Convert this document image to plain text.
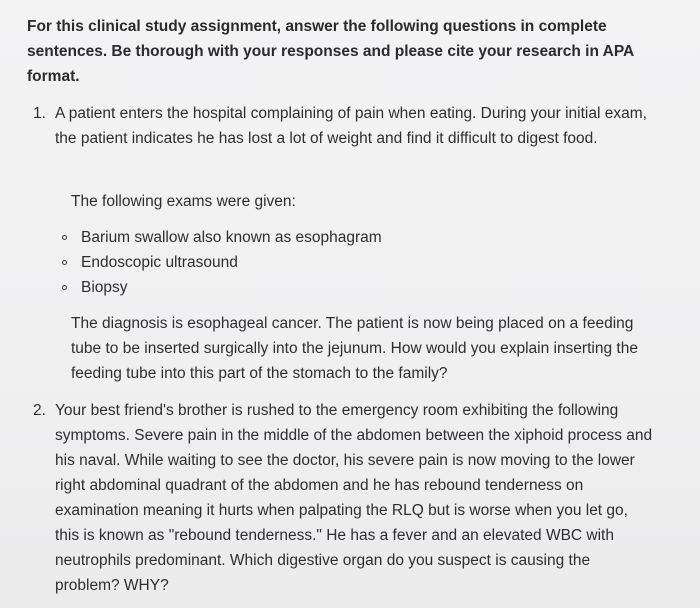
For this clinical study assignment, answer the following questions in complete sentences. Be thorough with your responses and please cite your research in APA format.
1. A patient enters the hospital complaining of pain when eating. During your initial exam, the patient indicates he has lost a lot of weight and find it difficult to digest food.
The following exams were given:
Barium swallow also known as esophagram
Endoscopic ultrasound
Biopsy
The diagnosis is esophageal cancer. The patient is now being placed on a feeding tube to be inserted surgically into the jejunum. How would you explain inserting the feeding tube into this part of the stomach to the family?
2. Your best friend's brother is rushed to the emergency room exhibiting the following symptoms. Severe pain in the middle of the abdomen between the xiphoid process and his naval. While waiting to see the doctor, his severe pain is now moving to the lower right abdominal quadrant of the abdomen and he has rebound tenderness on examination meaning it hurts when palpating the RLQ but is worse when you let go, this is known as "rebound tenderness." He has a fever and an elevated WBC with neutrophils predominant. Which digestive organ do you suspect is causing the problem? WHY?
